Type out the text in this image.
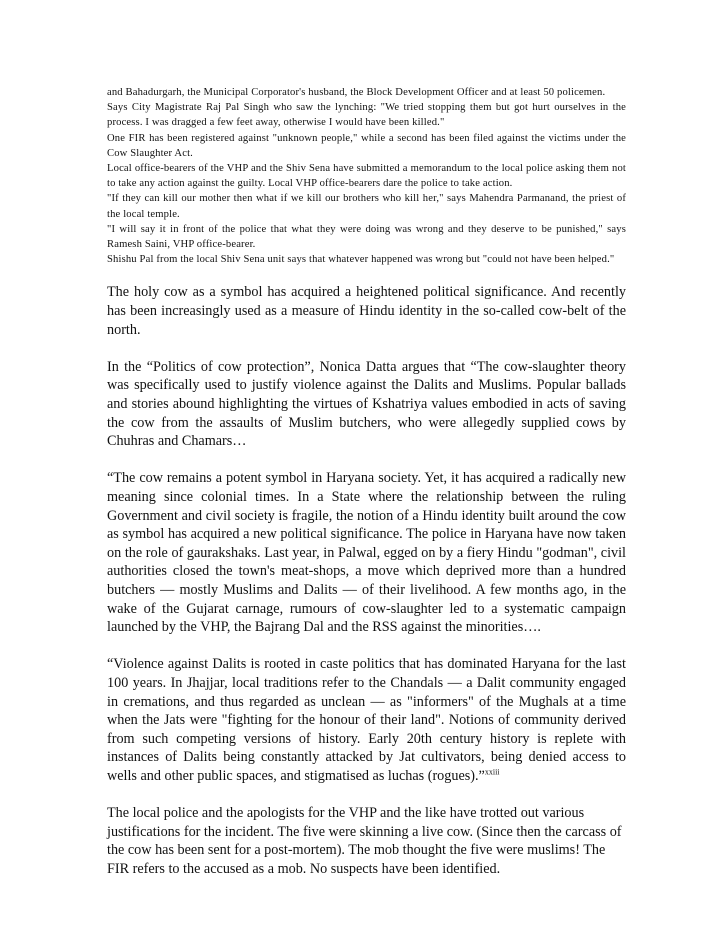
and Bahadurgarh, the Municipal Corporator's husband, the Block Development Officer and at least 50 policemen.

Says City Magistrate Raj Pal Singh who saw the lynching: "We tried stopping them but got hurt ourselves in the process. I was dragged a few feet away, otherwise I would have been killed."

One FIR has been registered against "unknown people," while a second has been filed against the victims under the Cow Slaughter Act.

Local office-bearers of the VHP and the Shiv Sena have submitted a memorandum to the local police asking them not to take any action against the guilty. Local VHP office-bearers dare the police to take action.

"If they can kill our mother then what if we kill our brothers who kill her," says Mahendra Parmanand, the priest of the local temple.

"I will say it in front of the police that what they were doing was wrong and they deserve to be punished," says Ramesh Saini, VHP office-bearer.

Shishu Pal from the local Shiv Sena unit says that whatever happened was wrong but "could not have been helped."

The holy cow as a symbol has acquired a heightened political significance. And recently has been increasingly used as a measure of Hindu identity in the so-called cow-belt of the north.

In the “Politics of cow protection”, Nonica Datta argues that “The cow-slaughter theory was specifically used to justify violence against the Dalits and Muslims. Popular ballads and stories abound highlighting the virtues of Kshatriya values embodied in acts of saving the cow from the assaults of Muslim butchers, who were allegedly supplied cows by Chuhras and Chamars…

“The cow remains a potent symbol in Haryana society. Yet, it has acquired a radically new meaning since colonial times. In a State where the relationship between the ruling Government and civil society is fragile, the notion of a Hindu identity built around the cow as symbol has acquired a new political significance. The police in Haryana have now taken on the role of gaurakshaks. Last year, in Palwal, egged on by a fiery Hindu "godman", civil authorities closed the town's meat-shops, a move which deprived more than a hundred butchers — mostly Muslims and Dalits — of their livelihood. A few months ago, in the wake of the Gujarat carnage, rumours of cow-slaughter led to a systematic campaign launched by the VHP, the Bajrang Dal and the RSS against the minorities….

“Violence against Dalits is rooted in caste politics that has dominated Haryana for the last 100 years. In Jhajjar, local traditions refer to the Chandals — a Dalit community engaged in cremations, and thus regarded as unclean — as "informers" of the Mughals at a time when the Jats were "fighting for the honour of their land". Notions of community derived from such competing versions of history. Early 20th century history is replete with instances of Dalits being constantly attacked by Jat cultivators, being denied access to wells and other public spaces, and stigmatised as luchas (rogues).”$^{xxiii}$

The local police and the apologists for the VHP and the like have trotted out various justifications for the incident. The five were skinning a live cow. (Since then the carcass of the cow has been sent for a post-mortem). The mob thought the five were muslims! The FIR refers to the accused as a mob. No suspects have been identified.
